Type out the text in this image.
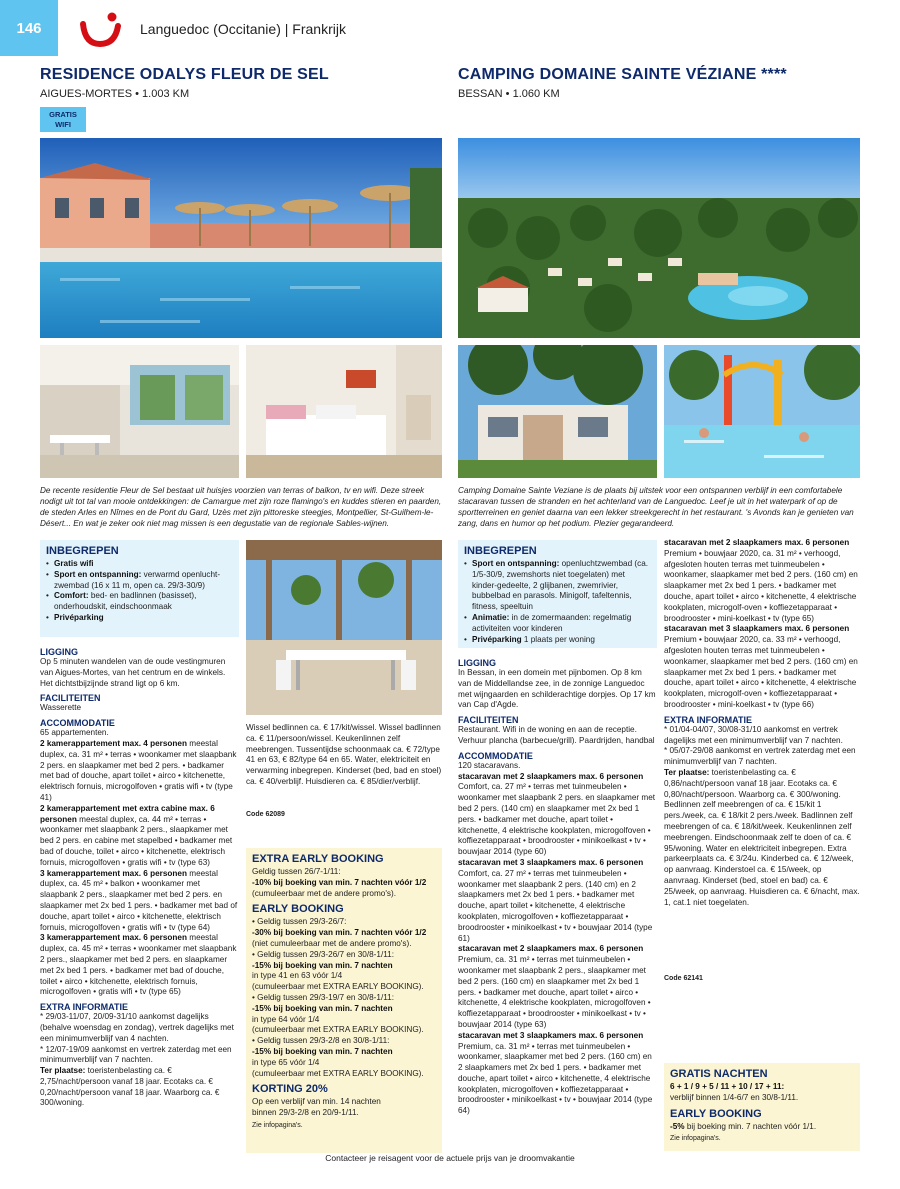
146	Languedoc (Occitanie) | Frankrijk
RESIDENCE ODALYS FLEUR DE SEL
AIGUES-MORTES • 1.003 KM
GRATIS
WIFI
CAMPING DOMAINE SAINTE VÉZIANE ****
BESSAN • 1.060 KM
De recente residentie Fleur de Sel bestaat uit huisjes voorzien van terras of balkon, tv en wifi. Deze streek nodigt uit tot tal van mooie ontdekkingen: de Camargue met zijn roze flamingo's en kuddes stieren en paarden, de steden Arles en Nîmes en de Pont du Gard, Uzès met zijn pittoreske steegjes, Montpellier, St-Guilhem-le-Désert... En wat je zeker ook niet mag missen is een degustatie van de regionale Sables-wijnen.
Camping Domaine Sainte Veziane is de plaats bij uitstek voor een ontspannen verblijf in een comfortabele stacaravan tussen de stranden en het achterland van de Languedoc. Leef je uit in het waterpark of op de sportterreinen en geniet daarna van een lekker streekgerecht in het restaurant. 's Avonds kan je genieten van zang, dans en humor op het podium. Plezier gegarandeerd.
INBEGREPEN
• Gratis wifi
• Sport en ontspanning: verwarmd openlucht-zwembad (16 x 11 m, open ca. 29/3-30/9)
• Comfort: bed- en badlinnen (basisset), onderhoudskit, eindschoonmaak
• Privéparking
LIGGING
Op 5 minuten wandelen van de oude vestingmuren van Aigues-Mortes, van het centrum en de winkels. Het dichtstbijzijnde strand ligt op 6 km.
FACILITEITEN
Wasserette
ACCOMMODATIE
65 appartementen.
2 kamerappartement max. 4 personen meestal duplex, ca. 31 m² • terras • woonkamer met slaapbank 2 pers. en slaapkamer met bed 2 pers. • badkamer met bad of douche, apart toilet • airco • kitchenette, elektrisch fornuis, microgolfoven • gratis wifi • tv (type 41)
2 kamerappartement met extra cabine max. 6 personen meestal duplex, ca. 44 m² • terras • woonkamer met slaapbank 2 pers., slaapkamer met bed 2 pers. en cabine met stapelbed • badkamer met bad of douche, toilet • airco • kitchenette, elektrisch fornuis, microgolfoven • gratis wifi • tv (type 63)
3 kamerappartement max. 6 personen meestal duplex, ca. 45 m² • balkon • woonkamer met slaapbank 2 pers., slaapkamer met bed 2 pers. en slaapkamer met 2x bed 1 pers. • badkamer met bad of douche, apart toilet • airco • kitchenette, elektrisch fornuis, microgolfoven • gratis wifi • tv (type 64)
3 kamerappartement max. 6 personen meestal duplex, ca. 45 m² • terras • woonkamer met slaapbank 2 pers., slaapkamer met bed 2 pers. en slaapkamer met 2x bed 1 pers. • badkamer met bad of douche, toilet • airco • kitchenette, elektrisch fornuis, microgolfoven • gratis wifi • tv (type 65)
EXTRA INFORMATIE
* 29/03-11/07, 20/09-31/10 aankomst dagelijks (behalve woensdag en zondag), vertrek dagelijks met een minimumverblijf van 4 nachten.
* 12/07-19/09 aankomst en vertrek zaterdag met een minimumverblijf van 7 nachten.
Ter plaatse: toeristenbelasting ca. € 2,75/nacht/persoon vanaf 18 jaar. Ecotaks ca. € 0,20/nacht/persoon vanaf 18 jaar. Waarborg ca. € 300/woning.
Wissel bedlinnen ca. € 17/kit/wissel. Wissel badlinnen ca. € 11/persoon/wissel. Keukenlinnen zelf meebrengen. Tussentijdse schoonmaak ca. € 72/type 41 en 63, € 82/type 64 en 65. Water, elektriciteit en verwarming inbegrepen. Kinderset (bed, bad en stoel) ca. € 40/verblijf. Huisdieren ca. € 85/dier/verblijf.
Code 62089
EXTRA EARLY BOOKING
Geldig tussen 26/7-1/11:
-10% bij boeking van min. 7 nachten vóór 1/2
(cumuleerbaar met de andere promo's).
EARLY BOOKING
• Geldig tussen 29/3-26/7:
-30% bij boeking van min. 7 nachten vóór 1/2
(niet cumuleerbaar met de andere promo's).
• Geldig tussen 29/3-26/7 en 30/8-1/11:
-15% bij boeking van min. 7 nachten
in type 41 en 63 vóór 1/4
(cumuleerbaar met EXTRA EARLY BOOKING).
• Geldig tussen 29/3-19/7 en 30/8-1/11:
-15% bij boeking van min. 7 nachten
in type 64 vóór 1/4
(cumuleerbaar met EXTRA EARLY BOOKING).
• Geldig tussen 29/3-2/8 en 30/8-1/11:
-15% bij boeking van min. 7 nachten
in type 65 vóór 1/4
(cumuleerbaar met EXTRA EARLY BOOKING).
KORTING 20%
Op een verblijf van min. 14 nachten
binnen 29/3-2/8 en 20/9-1/11.
Zie infopagina's.
INBEGREPEN
• Sport en ontspanning: openluchtzwembad (ca. 1/5-30/9, zwemshorts niet toegelaten) met kinder-gedeelte, 2 glijbanen, zwemrivier, bubbelbad en parasols. Minigolf, tafeltennis, fitness, speeltuin
• Animatie: in de zomermaanden: regelmatig activiteiten voor kinderen
• Privéparking 1 plaats per woning
LIGGING
In Bessan, in een domein met pijnbomen. Op 8 km van de Middellandse zee, in de zonnige Languedoc met wijngaarden en schilderachtige dorpjes. Op 17 km van Cap d'Agde.
FACILITEITEN
Restaurant. Wifi in de woning en aan de receptie. Verhuur plancha (barbecue/grill). Paardrijden, handbal
ACCOMMODATIE
120 stacaravans.
stacaravan met 2 slaapkamers max. 6 personen Comfort, ca. 27 m² • terras met tuinmeubelen • woonkamer met slaapbank 2 pers. en slaapkamer met bed 2 pers. (140 cm) en slaapkamer met 2x bed 1 pers. • badkamer met douche, apart toilet • kitchenette, 4 elektrische kookplaten, microgolfoven • koffiezetapparaat • broodrooster • minikoelkast • tv • bouwjaar 2014 (type 60)
stacaravan met 3 slaapkamers max. 6 personen Comfort, ca. 27 m² • terras met tuinmeubelen • woonkamer met slaapbank 2 pers. (140 cm) en 2 slaapkamers met 2x bed 1 pers. • badkamer met douche, apart toilet • kitchenette, 4 elektrische kookplaten, microgolfoven • koffiezetapparaat • broodrooster • minikoelkast • tv • bouwjaar 2014 (type 61)
stacaravan met 2 slaapkamers max. 6 personen Premium, ca. 31 m² • terras met tuinmeubelen • woonkamer met slaapbank 2 pers., slaapkamer met bed 2 pers. (160 cm) en slaapkamer met 2x bed 1 pers. • badkamer met douche, apart toilet • airco • kitchenette, 4 elektrische kookplaten, microgolfoven • koffiezetapparaat • broodrooster • minikoelkast • tv • bouwjaar 2014 (type 63)
stacaravan met 3 slaapkamers max. 6 personen Premium, ca. 31 m² • terras met tuinmeubelen • woonkamer, slaapkamer met bed 2 pers. (160 cm) en 2 slaapkamers met 2x bed 1 pers. • badkamer met douche, apart toilet • airco • kitchenette, 4 elektrische kookplaten, microgolfoven • koffiezetapparaat • broodrooster • minikoelkast • tv • bouwjaar 2014 (type 64)
stacaravan met 2 slaapkamers max. 6 personen Premium • bouwjaar 2020, ca. 31 m² • verhoogd, afgesloten houten terras met tuinmeubelen • woonkamer, slaapkamer met bed 2 pers. (160 cm) en slaapkamer met 2x bed 1 pers. • badkamer met douche, apart toilet • airco • kitchenette, 4 elektrische kookplaten, microgolf-oven • koffiezetapparaat • broodrooster • mini-koelkast • tv (type 65)
stacaravan met 3 slaapkamers max. 6 personen Premium • bouwjaar 2020, ca. 33 m² • verhoogd, afgesloten houten terras met tuinmeubelen • woonkamer, slaapkamer met bed 2 pers. (160 cm) en slaapkamer met 2x bed 1 pers. • badkamer met douche, apart toilet • airco • kitchenette, 4 elektrische kookplaten, microgolf-oven • koffiezetapparaat • broodrooster • mini-koelkast • tv (type 66)
EXTRA INFORMATIE
* 01/04-04/07, 30/08-31/10 aankomst en vertrek dagelijks met een minimumverblijf van 7 nachten.
* 05/07-29/08 aankomst en vertrek zaterdag met een minimumverblijf van 7 nachten.
Ter plaatse: toeristenbelasting ca. € 0,86/nacht/persoon vanaf 18 jaar. Ecotaks ca. € 0,80/nacht/persoon. Waarborg ca. € 300/woning. Bedlinnen zelf meebrengen of ca. € 15/kit 1 pers./week, ca. € 18/kit 2 pers./week. Badlinnen zelf meebrengen of ca. € 18/kit/week. Keukenlinnen zelf meebrengen. Eindschoonmaak zelf te doen of ca. € 95/woning. Water en elektriciteit inbegrepen. Extra parkeerplaats ca. € 3/24u. Kinderbed ca. € 12/week, op aanvraag. Kinderstoel ca. € 15/week, op aanvraag. Kinderset (bed, stoel en bad) ca. € 25/week, op aanvraag. Huisdieren ca. € 6/nacht, max. 1, cat.1 niet toegelaten.
Code 62141
GRATIS NACHTEN
6 + 1 / 9 + 5 / 11 + 10 / 17 + 11:
verblijf binnen 1/4-6/7 en 30/8-1/11.
EARLY BOOKING
-5% bij boeking min. 7 nachten vóór 1/1.
Zie infopagina's.
Contacteer je reisagent voor de actuele prijs van je droomvakantie
